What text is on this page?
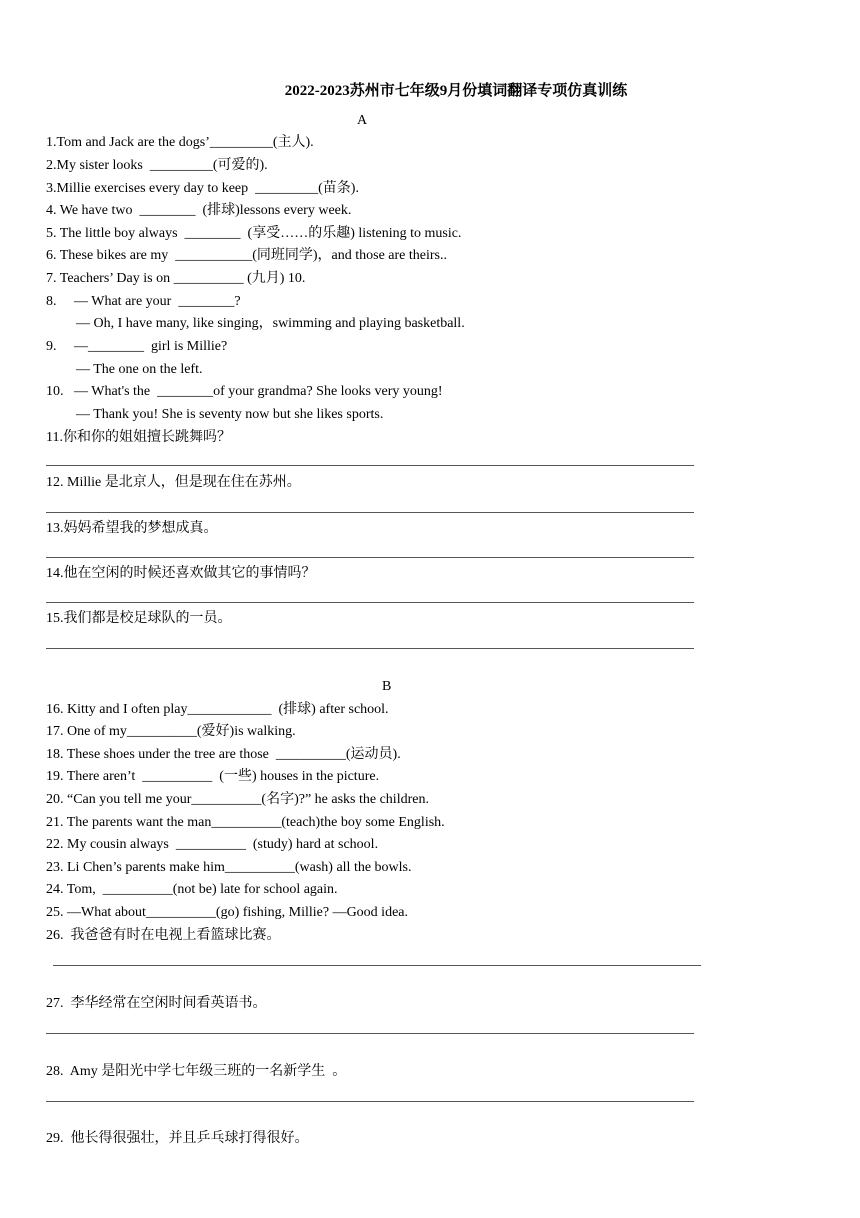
2022-2023苏州市七年级9月份填词翻译专项仿真训练
A
1.Tom and Jack are the dogs’_________(主人).
2.My sister looks  _________(可爱的).
3.Millie exercises every day to keep  _________(苗条).
4. We have two  ________  (排球)lessons every week.
5. The little boy always  ________  (享受……的乐趣) listening to music.
6. These bikes are my  ___________(同班同学)，and those are theirs..
7. Teachers’ Day is on __________ (九月) 10.
8.     — What are your  ________?
— Oh, I have many, like singing，swimming and playing basketball.
9.     —________  girl is Millie?
— The one on the left.
10.   — What's the  ________of your grandma? She looks very young!
— Thank you! She is seventy now but she likes sports.
11.你和你的姐姐擅长跳舞吗？
12. Millie 是北京人，但是现在住在苏州。
13.妈妈希望我的梦想成真。
14.他在空闲的时候还喜欢做其它的事情吗？
15.我们都是校足球队的一员。
B
16. Kitty and I often play____________  (排球) after school.
17. One of my__________(爱好)is walking.
18. These shoes under the tree are those  __________(运动员).
19. There aren’t  __________  (一些) houses in the picture.
20. “Can you tell me your__________(名字)?” he asks the children.
21. The parents want the man__________(teach)the boy some English.
22. My cousin always  __________  (study) hard at school.
23. Li Chen’s parents make him__________(wash) all the bowls.
24. Tom,  __________(not be) late for school again.
25. —What about__________(go) fishing, Millie? —Good idea.
26.  我爸爸有时在电视上看篮球比赛。
27.  李华经常在空闲时间看英语书。
28.  Amy 是阳光中学七年级三班的一名新学生  。
29.  他长得很强壮，并且乒乓球打得很好。
